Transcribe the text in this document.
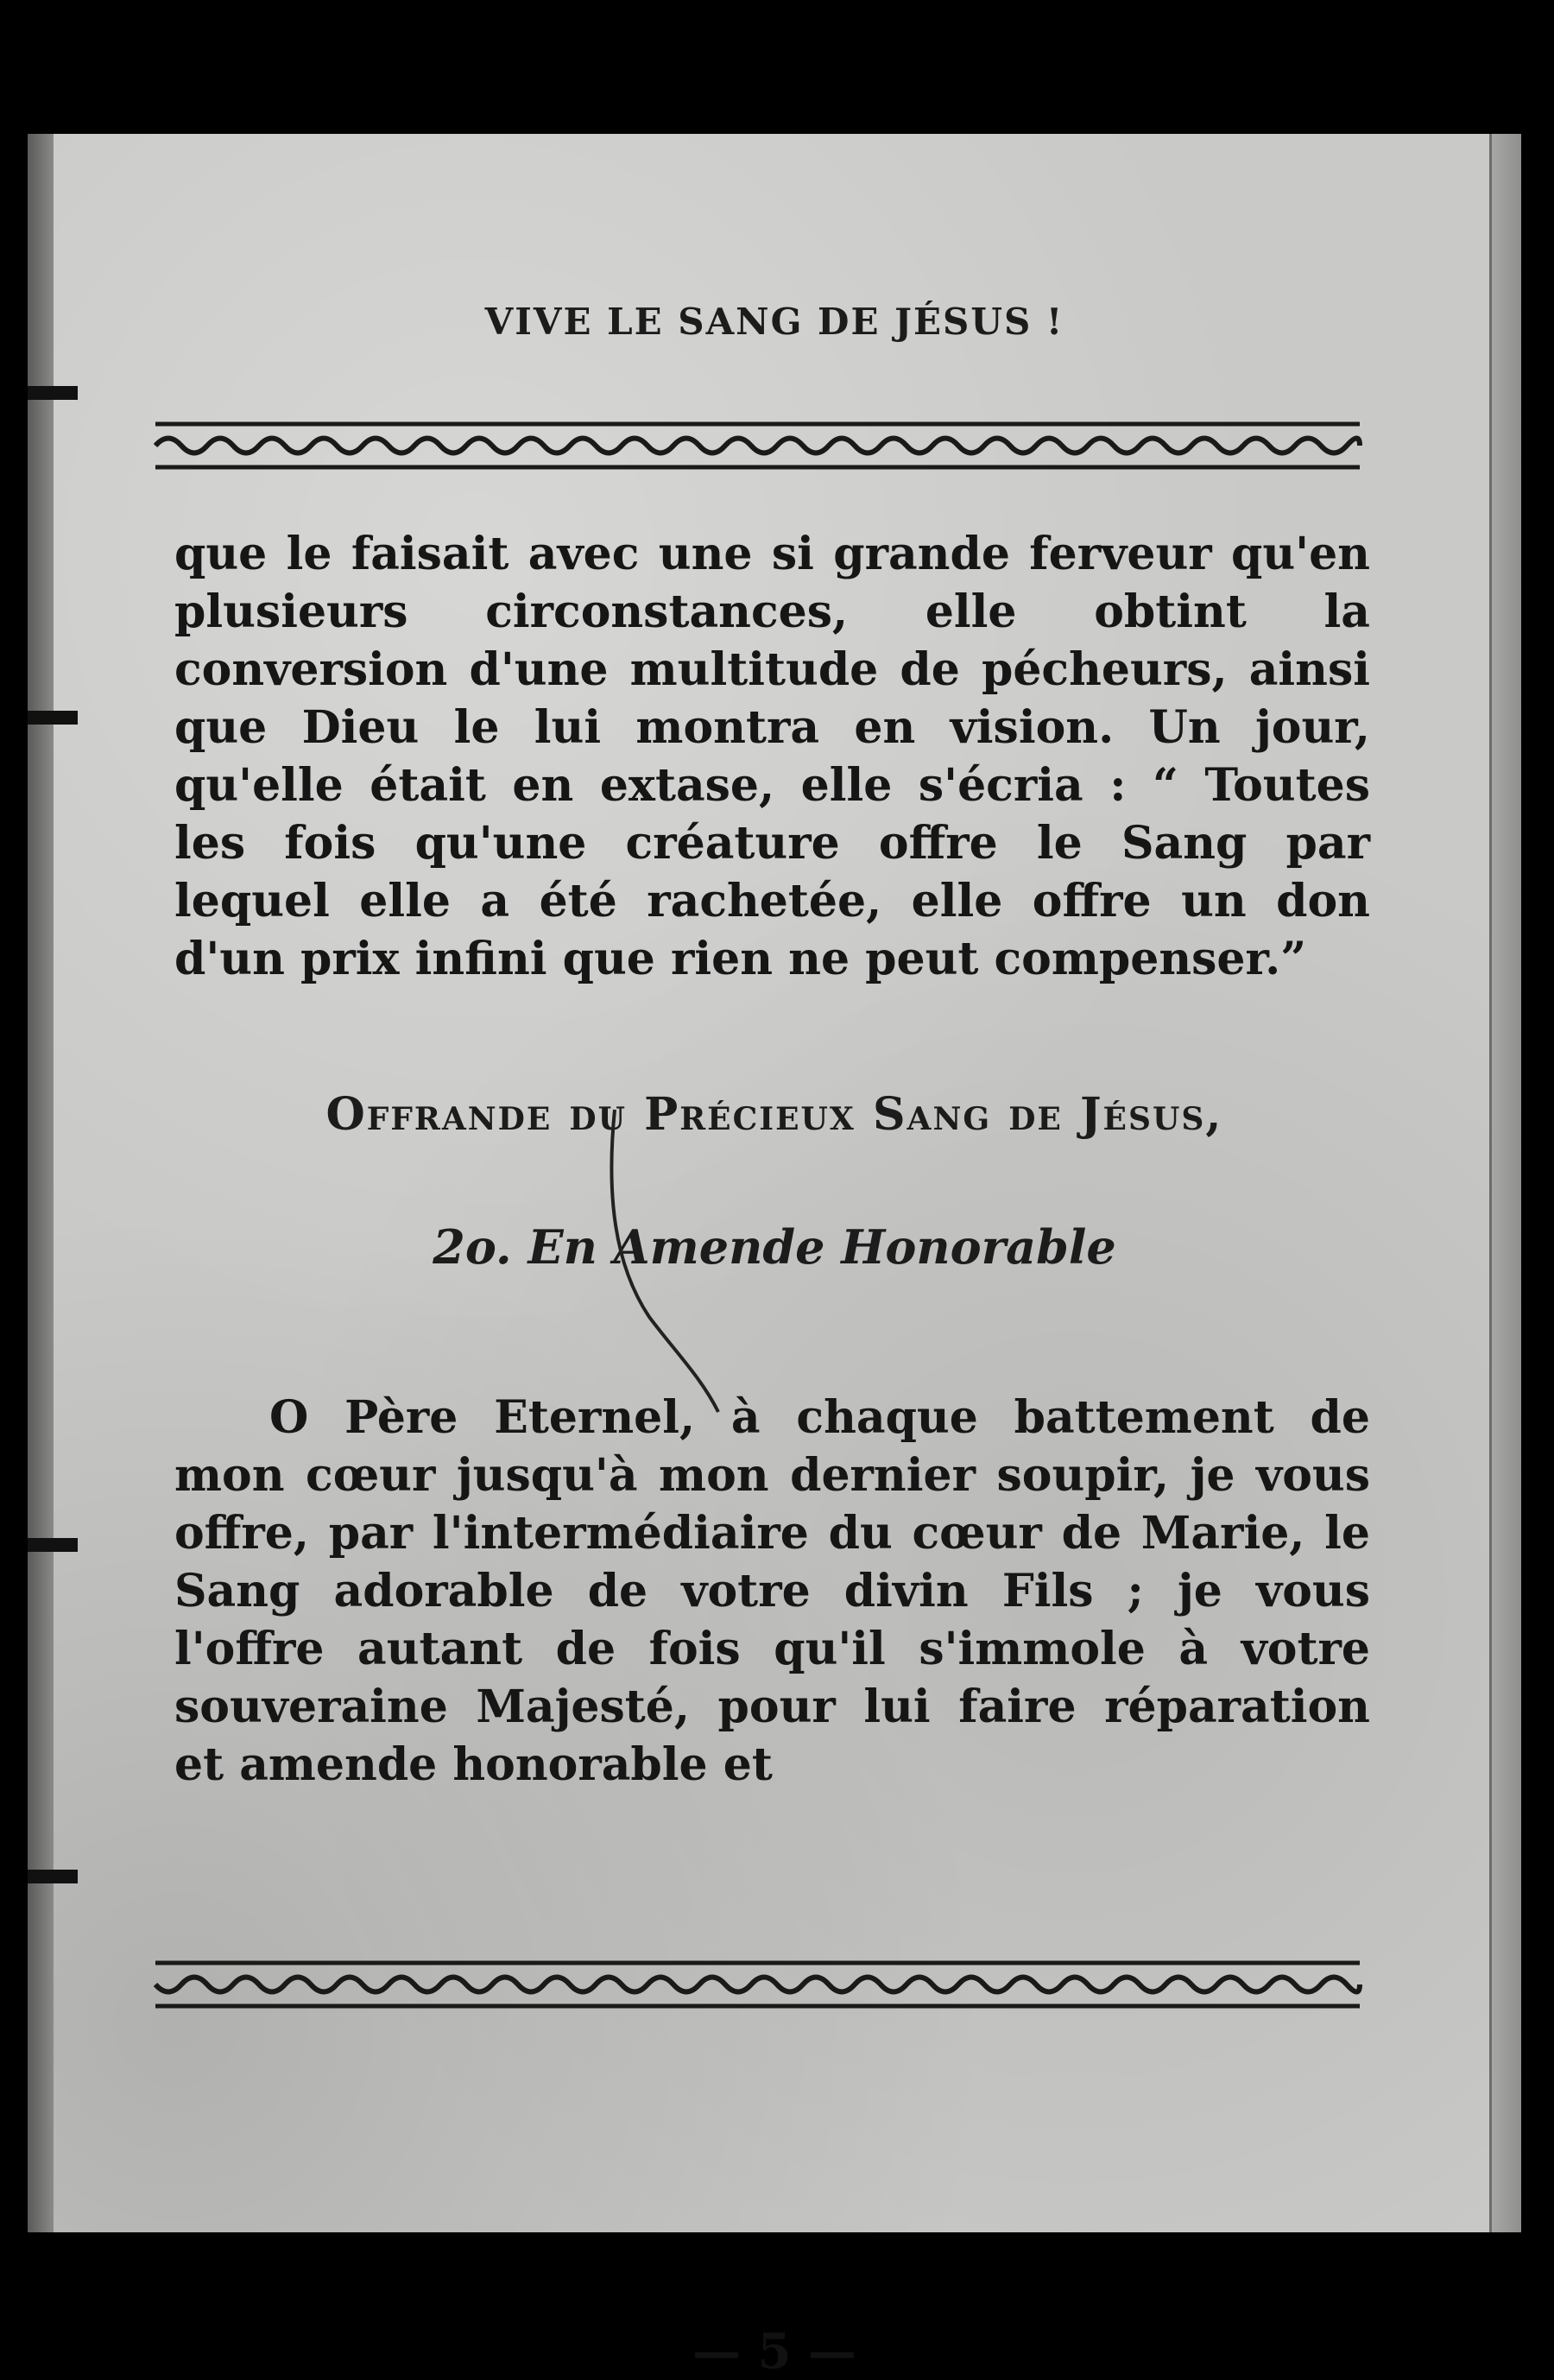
VIVE LE SANG DE JÉSUS !
que le faisait avec une si grande ferveur qu'en plusieurs circonstances, elle obtint la conversion d'une multitude de pécheurs, ainsi que Dieu le lui montra en vision. Un jour, qu'elle était en extase, elle s'écria : “ Toutes les fois qu'une créature offre le Sang par lequel elle a été rachetée, elle offre un don d'un prix infini que rien ne peut compenser.”
Offrande du Précieux Sang de Jésus,
2o. En Amende Honorable
O Père Eternel, à chaque battement de mon cœur jusqu'à mon dernier soupir, je vous offre, par l'intermédiaire du cœur de Marie, le Sang adorable de votre divin Fils ; je vous l'offre autant de fois qu'il s'immole à votre souveraine Majesté, pour lui faire réparation et amende honorable et
— 5 —
